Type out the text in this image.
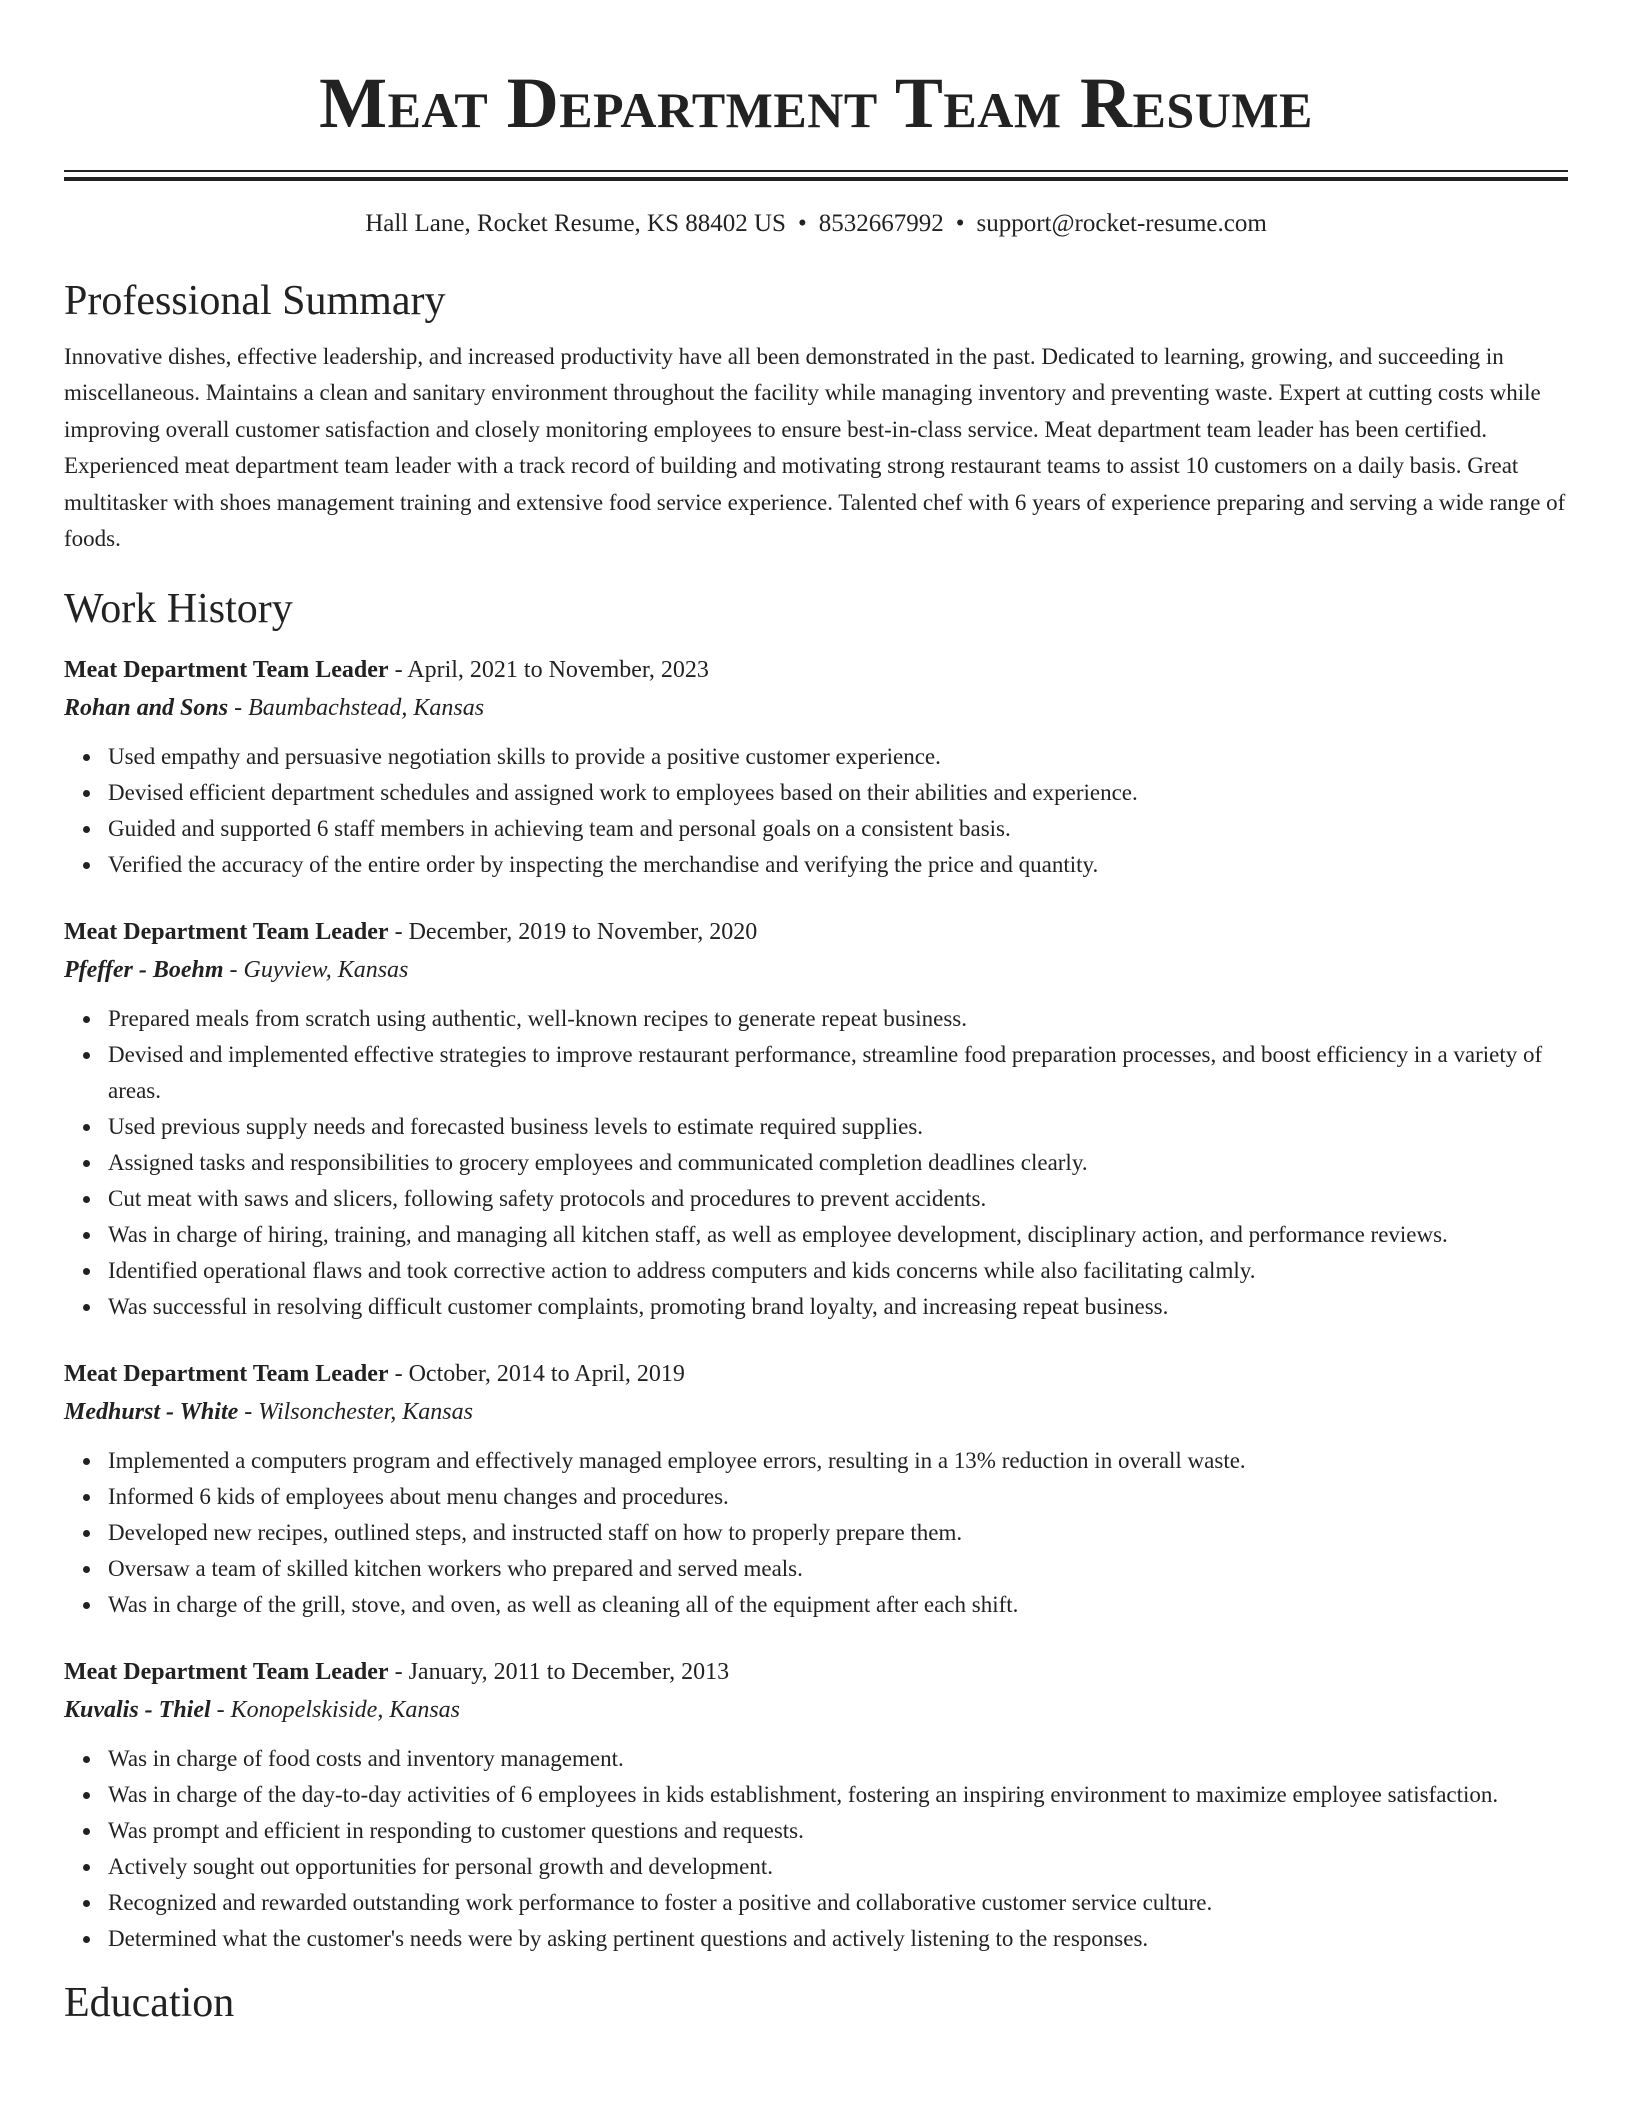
Meat Department Team Resume
Hall Lane, Rocket Resume, KS 88402 US • 8532667992 • support@rocket-resume.com
Professional Summary

Innovative dishes, effective leadership, and increased productivity have all been demonstrated in the past. Dedicated to learning, growing, and succeeding in miscellaneous. Maintains a clean and sanitary environment throughout the facility while managing inventory and preventing waste. Expert at cutting costs while improving overall customer satisfaction and closely monitoring employees to ensure best-in-class service. Meat department team leader has been certified. Experienced meat department team leader with a track record of building and motivating strong restaurant teams to assist 10 customers on a daily basis. Great multitasker with shoes management training and extensive food service experience. Talented chef with 6 years of experience preparing and serving a wide range of foods.

Work History
Meat Department Team Leader - April, 2021 to November, 2023
Rohan and Sons - Baumbachstead, Kansas
Used empathy and persuasive negotiation skills to provide a positive customer experience.
Devised efficient department schedules and assigned work to employees based on their abilities and experience.
Guided and supported 6 staff members in achieving team and personal goals on a consistent basis.
Verified the accuracy of the entire order by inspecting the merchandise and verifying the price and quantity.
Meat Department Team Leader - December, 2019 to November, 2020
Pfeffer - Boehm - Guyview, Kansas
Prepared meals from scratch using authentic, well-known recipes to generate repeat business.
Devised and implemented effective strategies to improve restaurant performance, streamline food preparation processes, and boost efficiency in a variety of areas.
Used previous supply needs and forecasted business levels to estimate required supplies.
Assigned tasks and responsibilities to grocery employees and communicated completion deadlines clearly.
Cut meat with saws and slicers, following safety protocols and procedures to prevent accidents.
Was in charge of hiring, training, and managing all kitchen staff, as well as employee development, disciplinary action, and performance reviews.
Identified operational flaws and took corrective action to address computers and kids concerns while also facilitating calmly.
Was successful in resolving difficult customer complaints, promoting brand loyalty, and increasing repeat business.
Meat Department Team Leader - October, 2014 to April, 2019
Medhurst - White - Wilsonchester, Kansas
Implemented a computers program and effectively managed employee errors, resulting in a 13% reduction in overall waste.
Informed 6 kids of employees about menu changes and procedures.
Developed new recipes, outlined steps, and instructed staff on how to properly prepare them.
Oversaw a team of skilled kitchen workers who prepared and served meals.
Was in charge of the grill, stove, and oven, as well as cleaning all of the equipment after each shift.
Meat Department Team Leader - January, 2011 to December, 2013
Kuvalis - Thiel - Konopelskiside, Kansas
Was in charge of food costs and inventory management.
Was in charge of the day-to-day activities of 6 employees in kids establishment, fostering an inspiring environment to maximize employee satisfaction.
Was prompt and efficient in responding to customer questions and requests.
Actively sought out opportunities for personal growth and development.
Recognized and rewarded outstanding work performance to foster a positive and collaborative customer service culture.
Determined what the customer's needs were by asking pertinent questions and actively listening to the responses.
Education
